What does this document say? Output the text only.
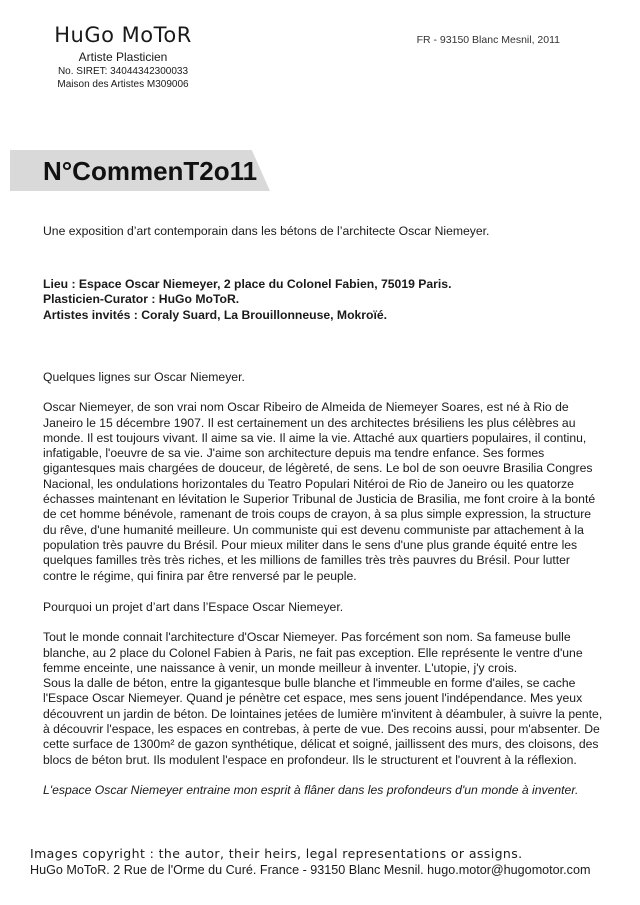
HuGo MoToR
Artiste Plasticien
No. SIRET: 34044342300033
Maison des Artistes M309006
FR - 93150 Blanc Mesnil, 2011
N°CommenT2o11

Une exposition d’art contemporain dans les bétons de l’architecte Oscar Niemeyer.

Lieu : Espace Oscar Niemeyer, 2 place du Colonel Fabien, 75019 Paris.

Plasticien-Curator : HuGo MoToR.

Artistes invités : Coraly Suard, La Brouillonneuse, Mokroïé.

Quelques lignes sur Oscar Niemeyer.

Oscar Niemeyer, de son vrai nom Oscar Ribeiro de Almeida de Niemeyer Soares, est né à Rio de Janeiro le 15 décembre 1907. Il est certainement un des architectes brésiliens les plus célèbres au monde. Il est toujours vivant. Il aime sa vie. Il aime la vie. Attaché aux quartiers populaires, il continu, infatigable, l'oeuvre de sa vie. J'aime son architecture depuis ma tendre enfance. Ses formes gigantesques mais chargées de douceur, de légèreté, de sens. Le bol de son oeuvre Brasilia Congres Nacional, les ondulations horizontales du Teatro Populari Nitéroi de Rio de Janeiro ou les quatorze échasses maintenant en lévitation le Superior Tribunal de Justicia de Brasilia, me font croire à la bonté de cet homme bénévole, ramenant de trois coups de crayon, à sa plus simple expression, la structure du rêve, d'une humanité meilleure. Un communiste qui est devenu communiste par attachement à la population très pauvre du Brésil. Pour mieux militer dans le sens d'une plus grande équité entre les quelques familles très très riches, et les millions de familles très très pauvres du Brésil. Pour lutter contre le régime, qui finira par être renversé par le peuple.

Pourquoi un projet d’art dans l’Espace Oscar Niemeyer.

Tout le monde connait l'architecture d'Oscar Niemeyer. Pas forcément son nom. Sa fameuse bulle blanche, au 2 place du Colonel Fabien à Paris, ne fait pas exception. Elle représente le ventre d'une femme enceinte, une naissance à venir, un monde meilleur à inventer. L'utopie, j'y crois.

Sous la dalle de béton, entre la gigantesque bulle blanche et l'immeuble en forme d'ailes, se cache l'Espace Oscar Niemeyer. Quand je pénètre cet espace, mes sens jouent l'indépendance. Mes yeux découvrent un jardin de béton. De lointaines jetées de lumière m'invitent à déambuler, à suivre la pente, à découvrir l'espace, les espaces en contrebas, à perte de vue. Des recoins aussi, pour m'absenter. De cette surface de 1300m² de gazon synthétique, délicat et soigné, jaillissent des murs, des cloisons, des blocs de béton brut. Ils modulent l'espace en profondeur. Ils le structurent et l'ouvrent à la réflexion.

L'espace Oscar Niemeyer entraine mon esprit à flâner dans les profondeurs d'un monde à inventer.

Images copyright : the autor, their heirs, legal representations or assigns.
HuGo MoToR. 2 Rue de l'Orme du Curé. France - 93150 Blanc Mesnil. hugo.motor@hugomotor.com
